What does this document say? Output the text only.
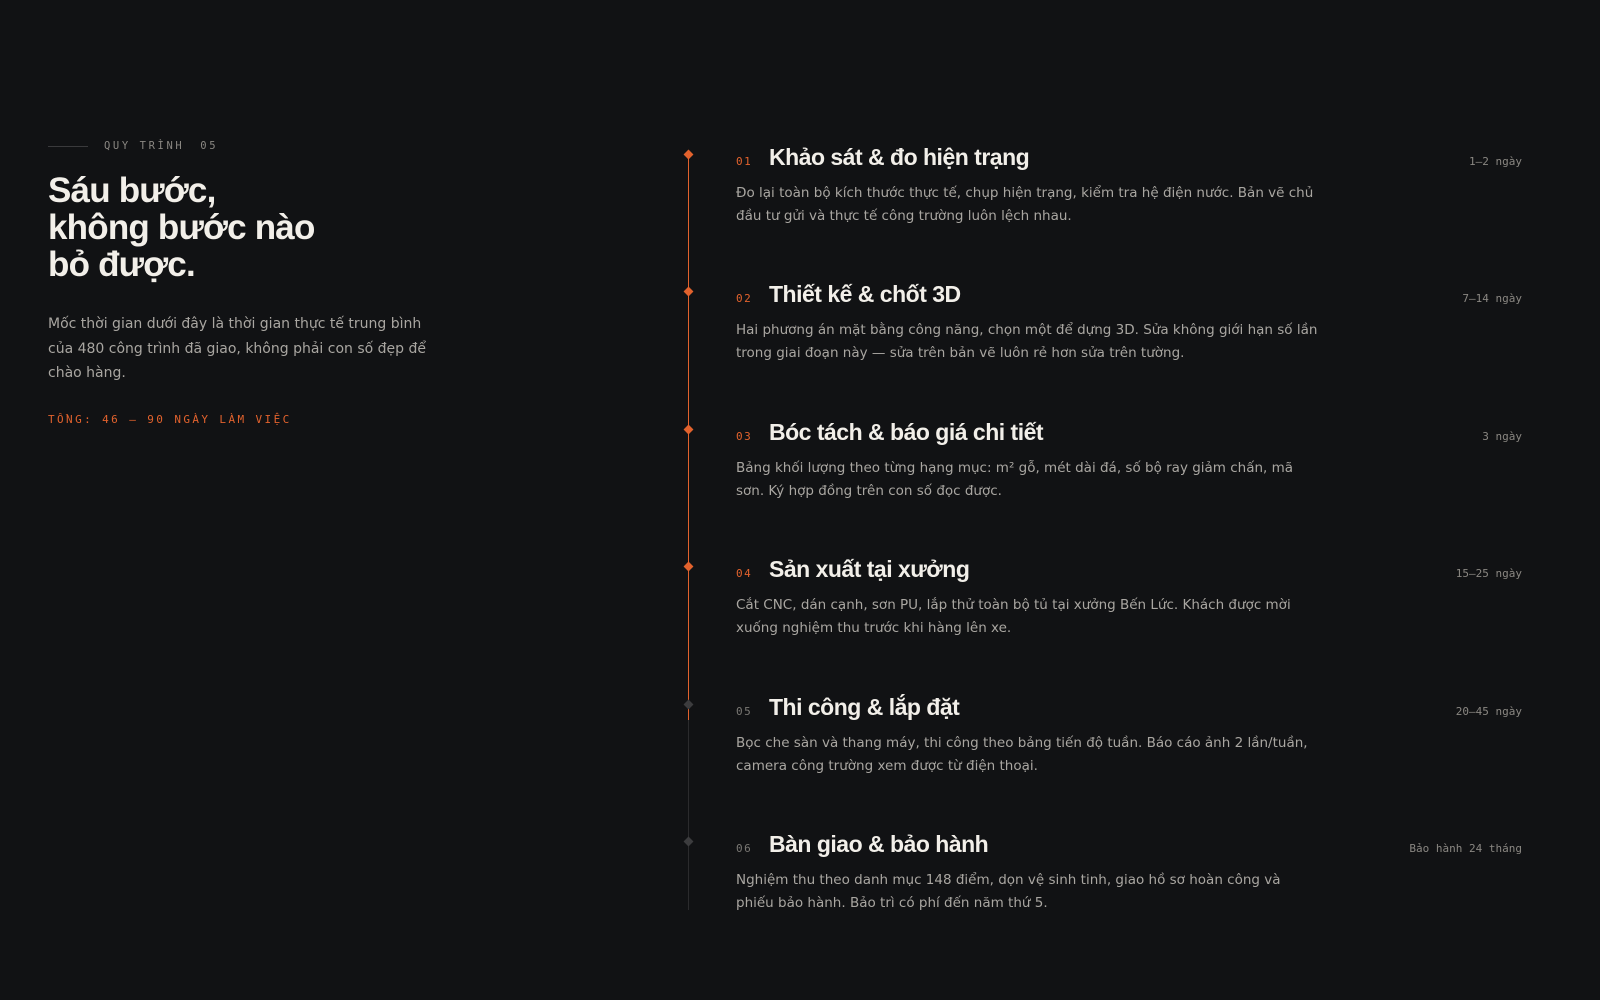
QUY TRÌNH 05
Sáu bước,
không bước nào
bỏ được.

Mốc thời gian dưới đây là thời gian thực tế trung bình của 480 công trình đã giao, không phải con số đẹp để chào hàng.

TỔNG: 46 — 90 NGÀY LÀM VIỆC
01 Khảo sát & đo hiện trạng	1–2 ngày

Đo lại toàn bộ kích thước thực tế, chụp hiện trạng, kiểm tra hệ điện nước. Bản vẽ chủ đầu tư gửi và thực tế công trường luôn lệch nhau.

02 Thiết kế & chốt 3D	7–14 ngày

Hai phương án mặt bằng công năng, chọn một để dựng 3D. Sửa không giới hạn số lần trong giai đoạn này — sửa trên bản vẽ luôn rẻ hơn sửa trên tường.

03 Bóc tách & báo giá chi tiết	3 ngày

Bảng khối lượng theo từng hạng mục: m² gỗ, mét dài đá, số bộ ray giảm chấn, mã sơn. Ký hợp đồng trên con số đọc được.

04 Sản xuất tại xưởng	15–25 ngày

Cắt CNC, dán cạnh, sơn PU, lắp thử toàn bộ tủ tại xưởng Bến Lức. Khách được mời xuống nghiệm thu trước khi hàng lên xe.

05 Thi công & lắp đặt	20–45 ngày

Bọc che sàn và thang máy, thi công theo bảng tiến độ tuần. Báo cáo ảnh 2 lần/tuần, camera công trường xem được từ điện thoại.

06 Bàn giao & bảo hành	Bảo hành 24 tháng

Nghiệm thu theo danh mục 148 điểm, dọn vệ sinh tinh, giao hồ sơ hoàn công và phiếu bảo hành. Bảo trì có phí đến năm thứ 5.
